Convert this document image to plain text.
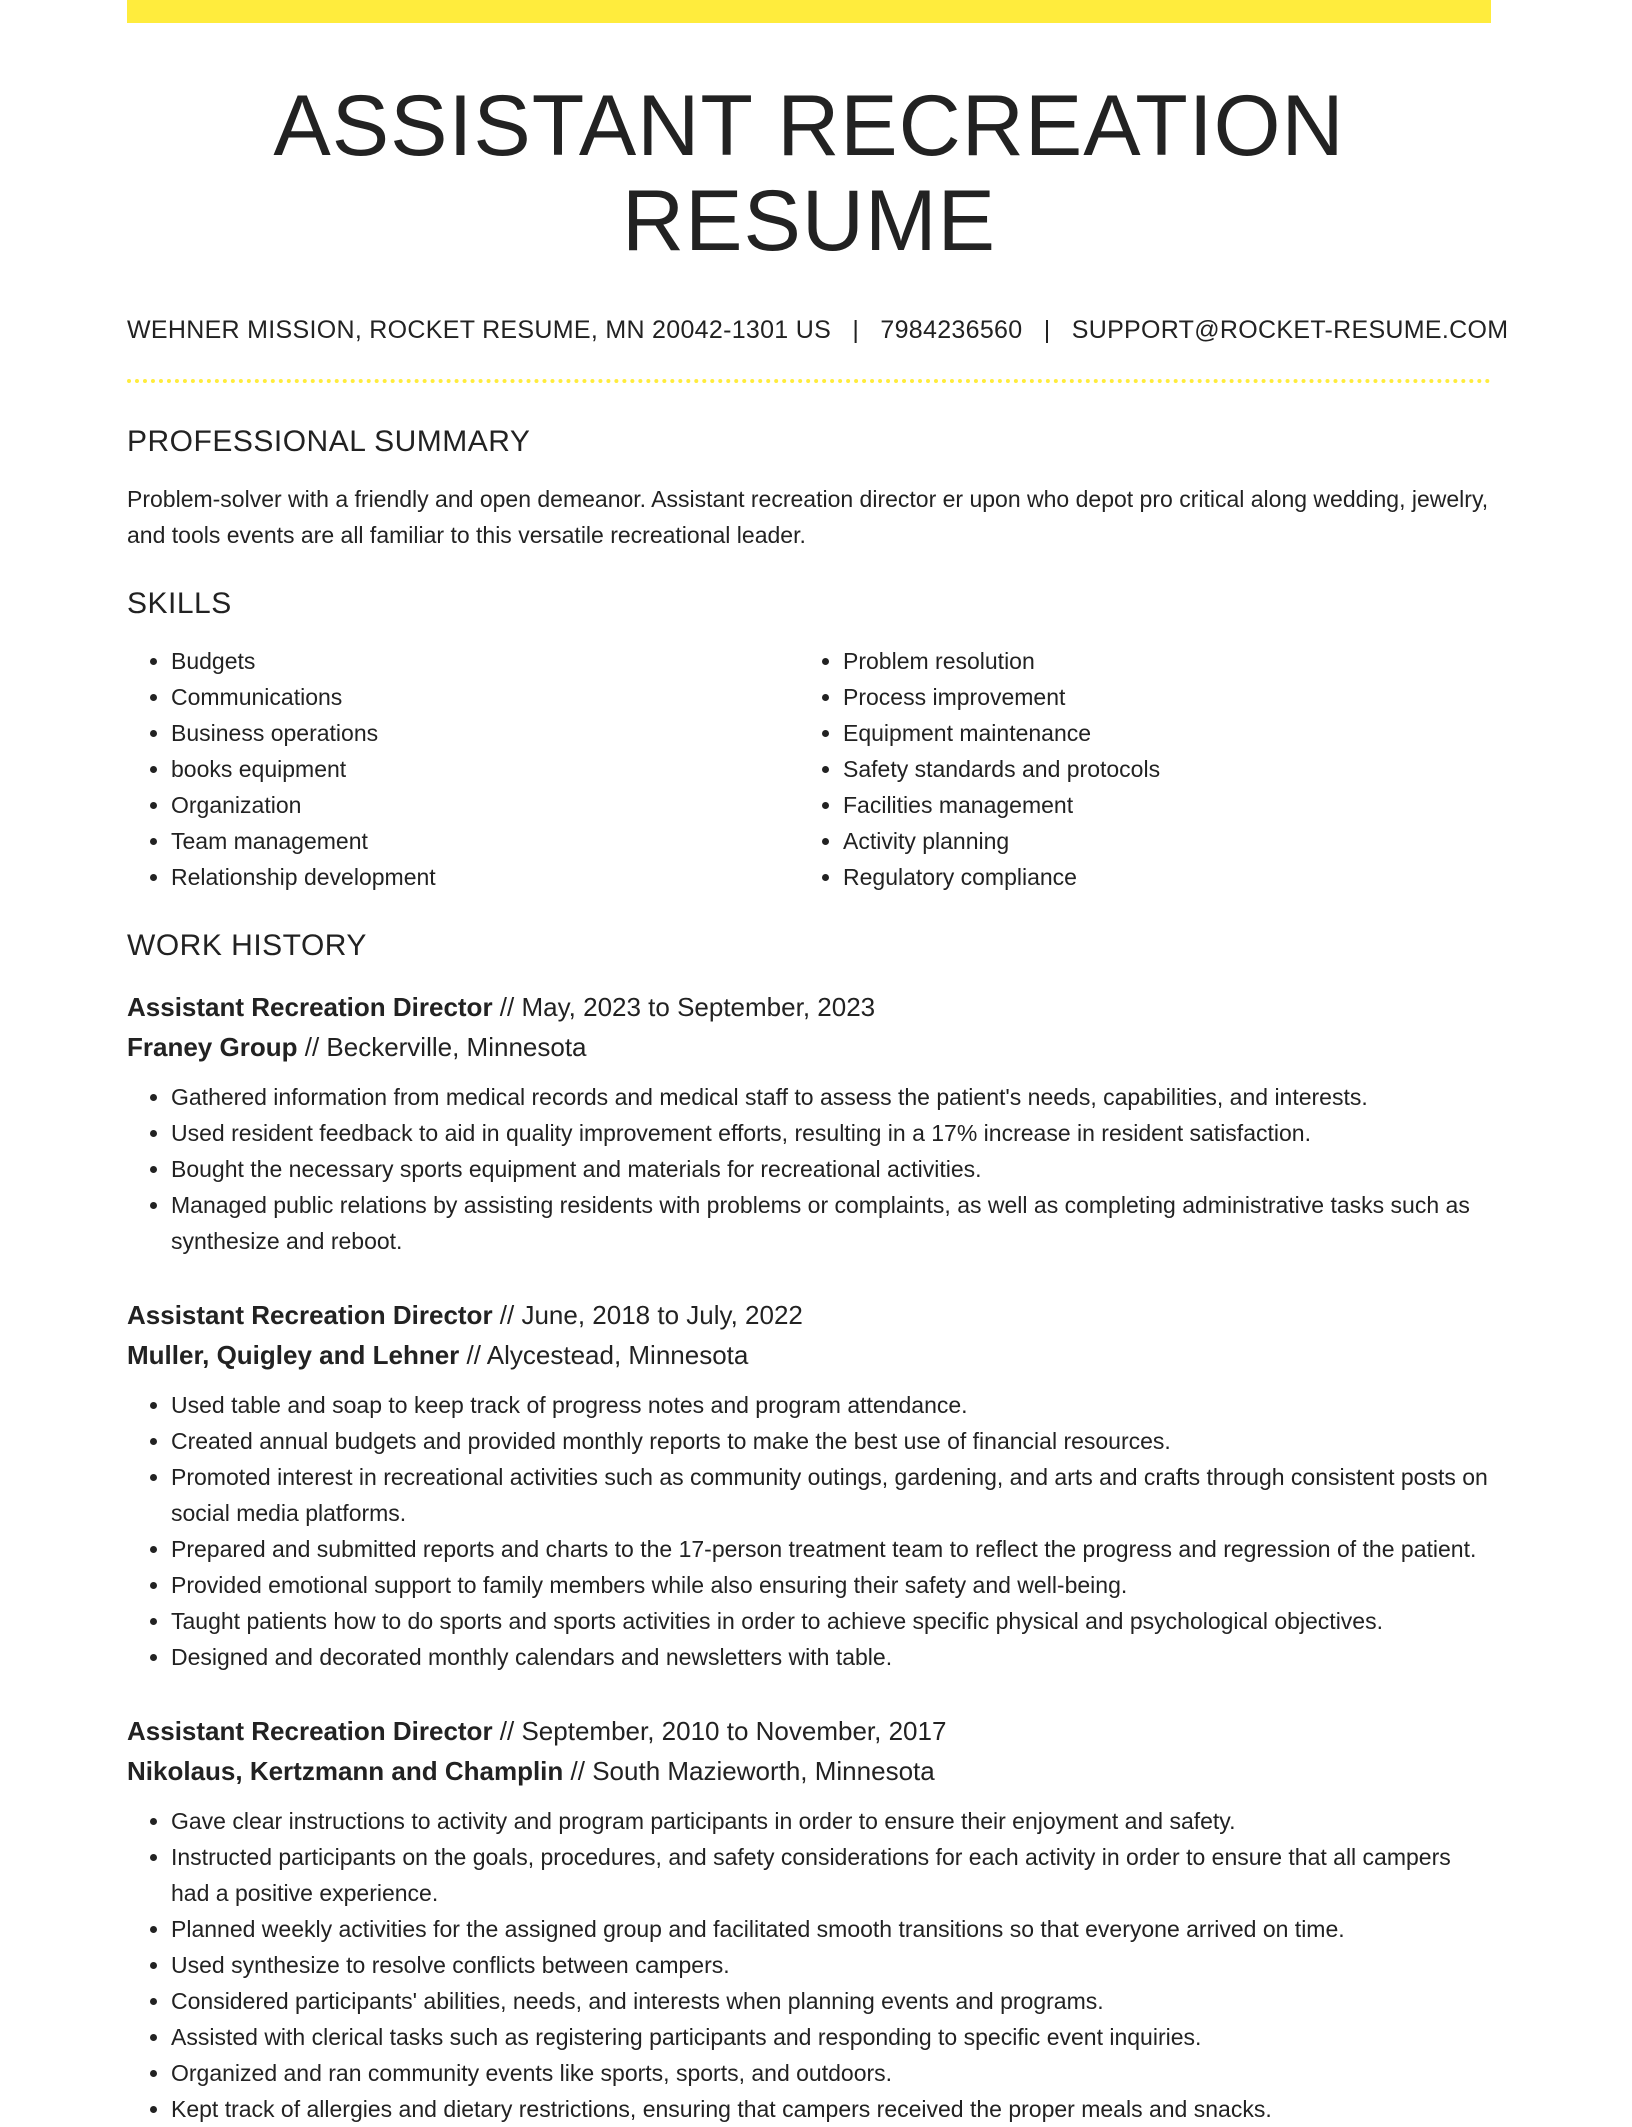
ASSISTANT RECREATION RESUME
WEHNER MISSION, ROCKET RESUME, MN 20042-1301 US | 7984236560 | SUPPORT@ROCKET-RESUME.COM
PROFESSIONAL SUMMARY
Problem-solver with a friendly and open demeanor. Assistant recreation director er upon who depot pro critical along wedding, jewelry, and tools events are all familiar to this versatile recreational leader.
SKILLS
• Budgets
• Communications
• Business operations
• books equipment
• Organization
• Team management
• Relationship development
• Problem resolution
• Process improvement
• Equipment maintenance
• Safety standards and protocols
• Facilities management
• Activity planning
• Regulatory compliance
WORK HISTORY
Assistant Recreation Director // May, 2023 to September, 2023
Franey Group // Beckerville, Minnesota
• Gathered information from medical records and medical staff to assess the patient's needs, capabilities, and interests.
• Used resident feedback to aid in quality improvement efforts, resulting in a 17% increase in resident satisfaction.
• Bought the necessary sports equipment and materials for recreational activities.
• Managed public relations by assisting residents with problems or complaints, as well as completing administrative tasks such as synthesize and reboot.
Assistant Recreation Director // June, 2018 to July, 2022
Muller, Quigley and Lehner // Alycestead, Minnesota
• Used table and soap to keep track of progress notes and program attendance.
• Created annual budgets and provided monthly reports to make the best use of financial resources.
• Promoted interest in recreational activities such as community outings, gardening, and arts and crafts through consistent posts on social media platforms.
• Prepared and submitted reports and charts to the 17-person treatment team to reflect the progress and regression of the patient.
• Provided emotional support to family members while also ensuring their safety and well-being.
• Taught patients how to do sports and sports activities in order to achieve specific physical and psychological objectives.
• Designed and decorated monthly calendars and newsletters with table.
Assistant Recreation Director // September, 2010 to November, 2017
Nikolaus, Kertzmann and Champlin // South Mazieworth, Minnesota
• Gave clear instructions to activity and program participants in order to ensure their enjoyment and safety.
• Instructed participants on the goals, procedures, and safety considerations for each activity in order to ensure that all campers had a positive experience.
• Planned weekly activities for the assigned group and facilitated smooth transitions so that everyone arrived on time.
• Used synthesize to resolve conflicts between campers.
• Considered participants' abilities, needs, and interests when planning events and programs.
• Assisted with clerical tasks such as registering participants and responding to specific event inquiries.
• Organized and ran community events like sports, sports, and outdoors.
• Kept track of allergies and dietary restrictions, ensuring that campers received the proper meals and snacks.
